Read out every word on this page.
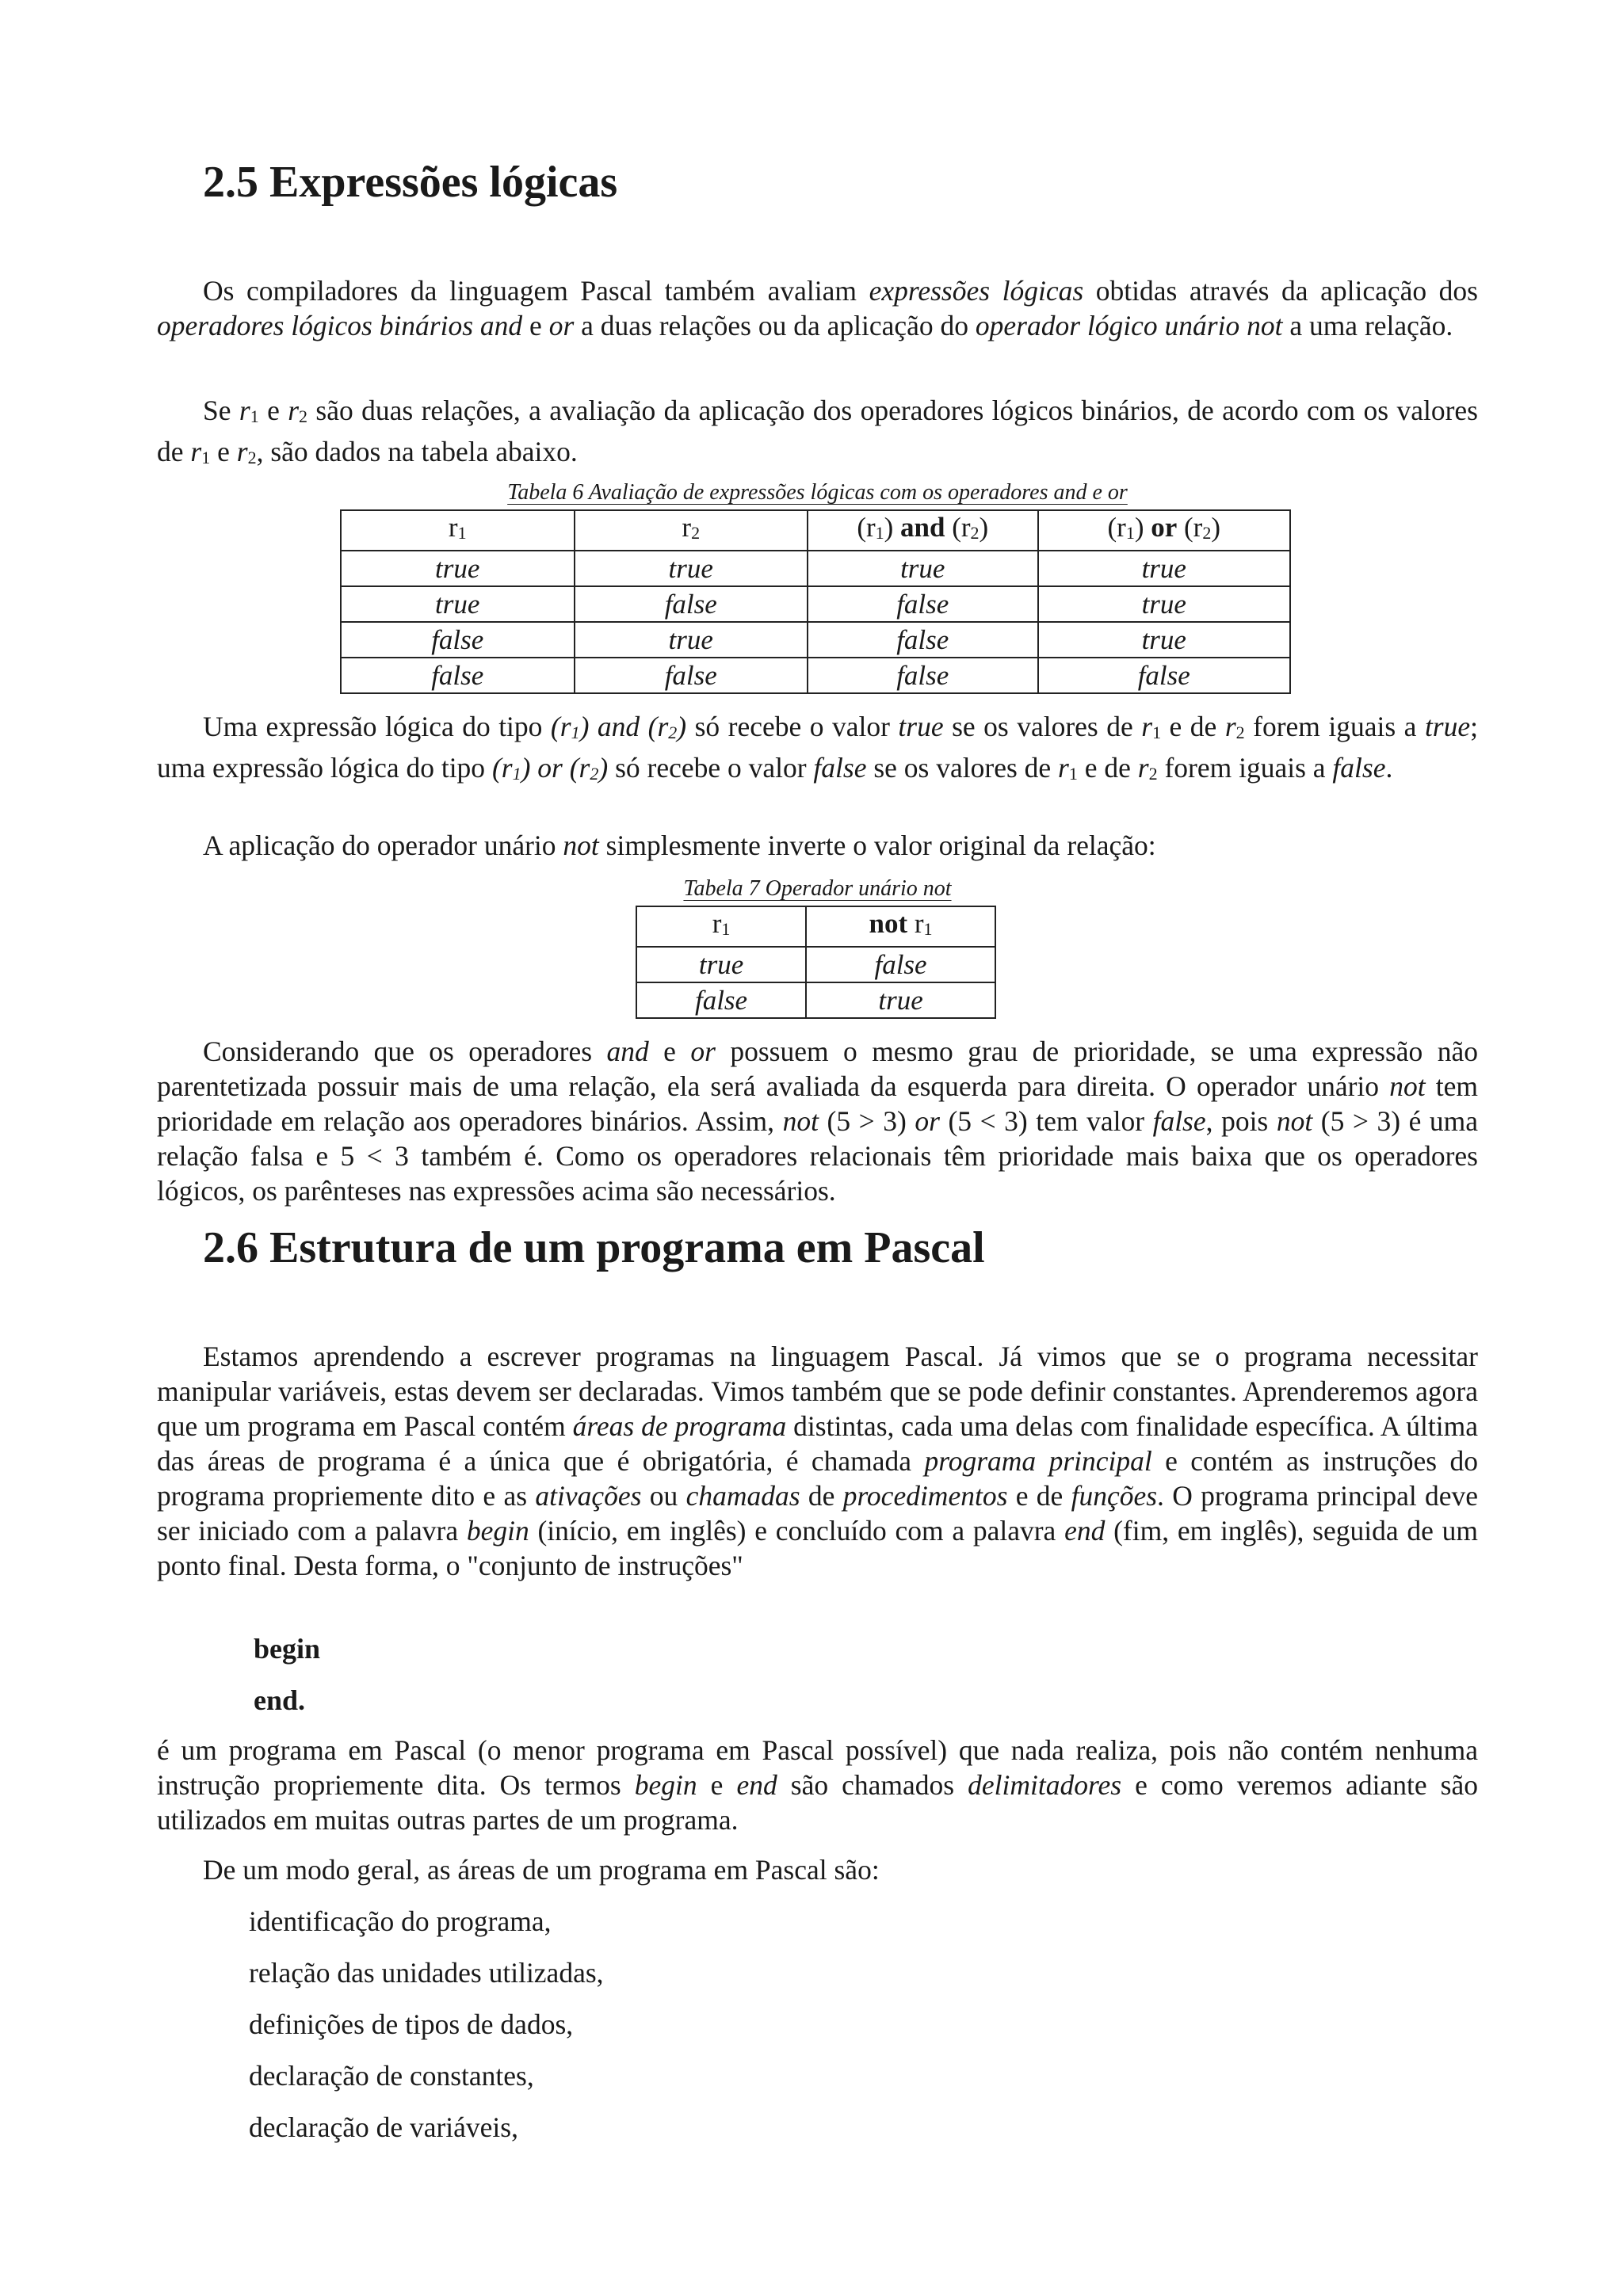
2.5 Expressões lógicas

Os compiladores da linguagem Pascal também avaliam expressões lógicas obtidas através da aplicação dos operadores lógicos binários and e or a duas relações ou da aplicação do operador lógico unário not a uma relação.

Se $r_1$ e $r_2$ são duas relações, a avaliação da aplicação dos operadores lógicos binários, de acordo com os valores de $r_1$ e $r_2$, são dados na tabela abaixo.

Tabela 6 Avaliação de expressões lógicas com os operadores and e or
$r_1$	$r_2$	$(r_1)$ and $(r_2)$	$(r_1)$ or $(r_2)$
true	true	true	true
true	false	false	true
false	true	false	true
false	false	false	false

Uma expressão lógica do tipo $(r_1)$ and $(r_2)$ só recebe o valor true se os valores de $r_1$ e de $r_2$ forem iguais a true; uma expressão lógica do tipo $(r_1)$ or $(r_2)$ só recebe o valor false se os valores de $r_1$ e de $r_2$ forem iguais a false.

A aplicação do operador unário not simplesmente inverte o valor original da relação:

Tabela 7 Operador unário not
$r_1$	not $r_1$
true	false
false	true

Considerando que os operadores and e or possuem o mesmo grau de prioridade, se uma expressão não parentetizada possuir mais de uma relação, ela será avaliada da esquerda para direita. O operador unário not tem prioridade em relação aos operadores binários. Assim, not (5 > 3) or (5 < 3) tem valor false, pois not (5 > 3) é uma relação falsa e 5 < 3 também é. Como os operadores relacionais têm prioridade mais baixa que os operadores lógicos, os parênteses nas expressões acima são necessários.

2.6 Estrutura de um programa em Pascal

Estamos aprendendo a escrever programas na linguagem Pascal. Já vimos que se o programa necessitar manipular variáveis, estas devem ser declaradas. Vimos também que se pode definir constantes. Aprenderemos agora que um programa em Pascal contém áreas de programa distintas, cada uma delas com finalidade específica. A última das áreas de programa é a única que é obrigatória, é chamada programa principal e contém as instruções do programa propriemente dito e as ativações ou chamadas de procedimentos e de funções. O programa principal deve ser iniciado com a palavra begin (início, em inglês) e concluído com a palavra end (fim, em inglês), seguida de um ponto final. Desta forma, o "conjunto de instruções"

begin
end.

é um programa em Pascal (o menor programa em Pascal possível) que nada realiza, pois não contém nenhuma instrução propriemente dita. Os termos begin e end são chamados delimitadores e como veremos adiante são utilizados em muitas outras partes de um programa.

De um modo geral, as áreas de um programa em Pascal são:

identificação do programa,
relação das unidades utilizadas,
definições de tipos de dados,
declaração de constantes,
declaração de variáveis,
